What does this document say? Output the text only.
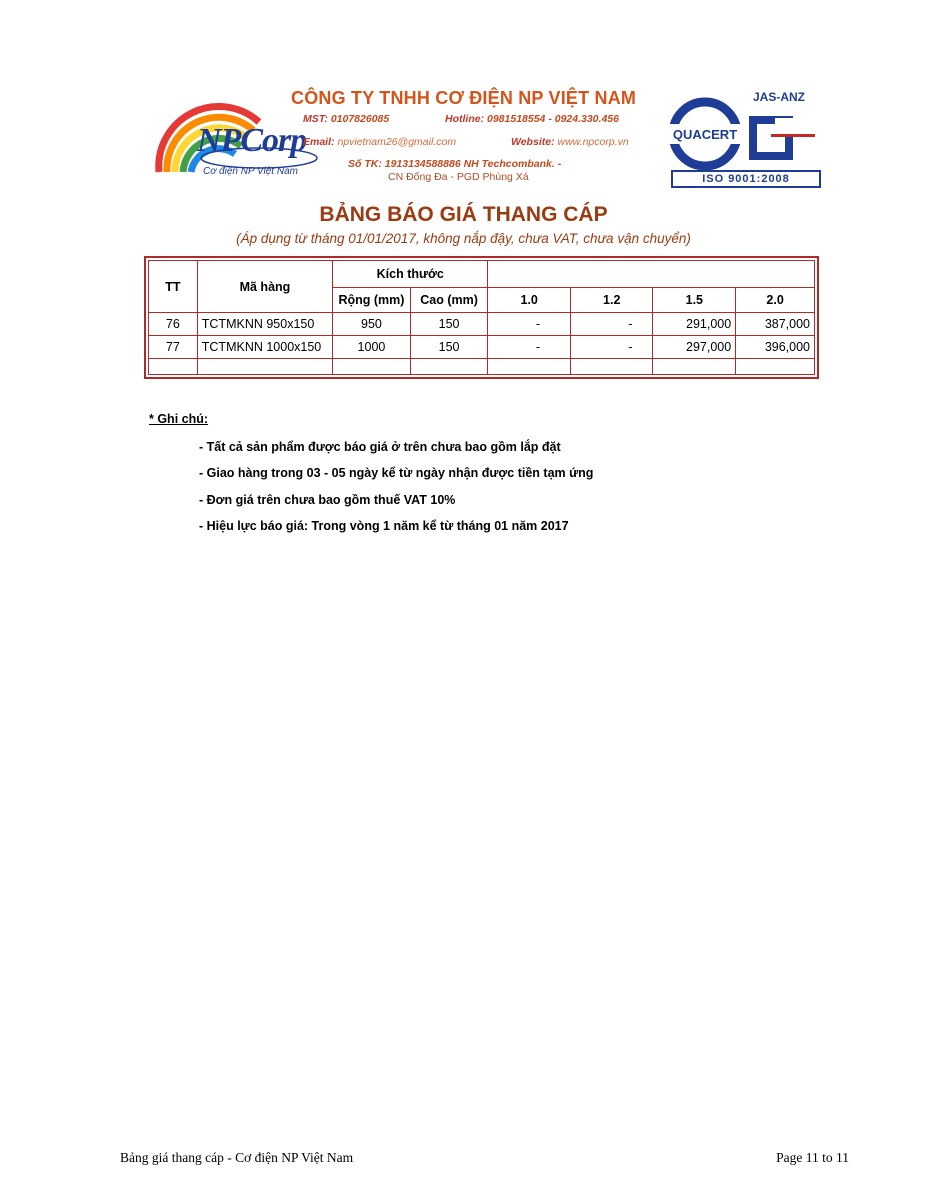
NPCorp
Cơ điện NP Việt Nam
CÔNG TY TNHH CƠ ĐIỆN NP VIỆT NAM
MST: 0107826085	Hotline: 0981518554 - 0924.330.456
Email: npvietnam26@gmail.com	Website: www.npcorp.vn
Số TK: 1913134588886 NH Techcombank. -
CN Đống Đa - PGD Phùng Xá
QUACERT
JAS-ANZ
ISO 9001:2008
BẢNG BÁO GIÁ THANG CÁP
(Áp dụng từ tháng 01/01/2017, không nắp đậy, chưa VAT, chưa vận chuyển)
TT	Mã hàng	Kích thước					
		Rộng (mm)	Cao (mm)	1.0	1.2	1.5	2.0
76	TCTMKNN 950x150	950	150	-	-	291,000	387,000
77	TCTMKNN 1000x150	1000	150	-	-	297,000	396,000

* Ghi chú:
- Tất cả sản phẩm được báo giá ở trên chưa bao gồm lắp đặt
- Giao hàng trong 03 - 05 ngày kể từ ngày nhận được tiền tạm ứng
- Đơn giá trên chưa bao gồm thuế VAT 10%
- Hiệu lực báo giá: Trong vòng 1 năm kể từ tháng 01 năm 2017
Bảng giá thang cáp - Cơ điện NP Việt Nam	Page 11 to 11
